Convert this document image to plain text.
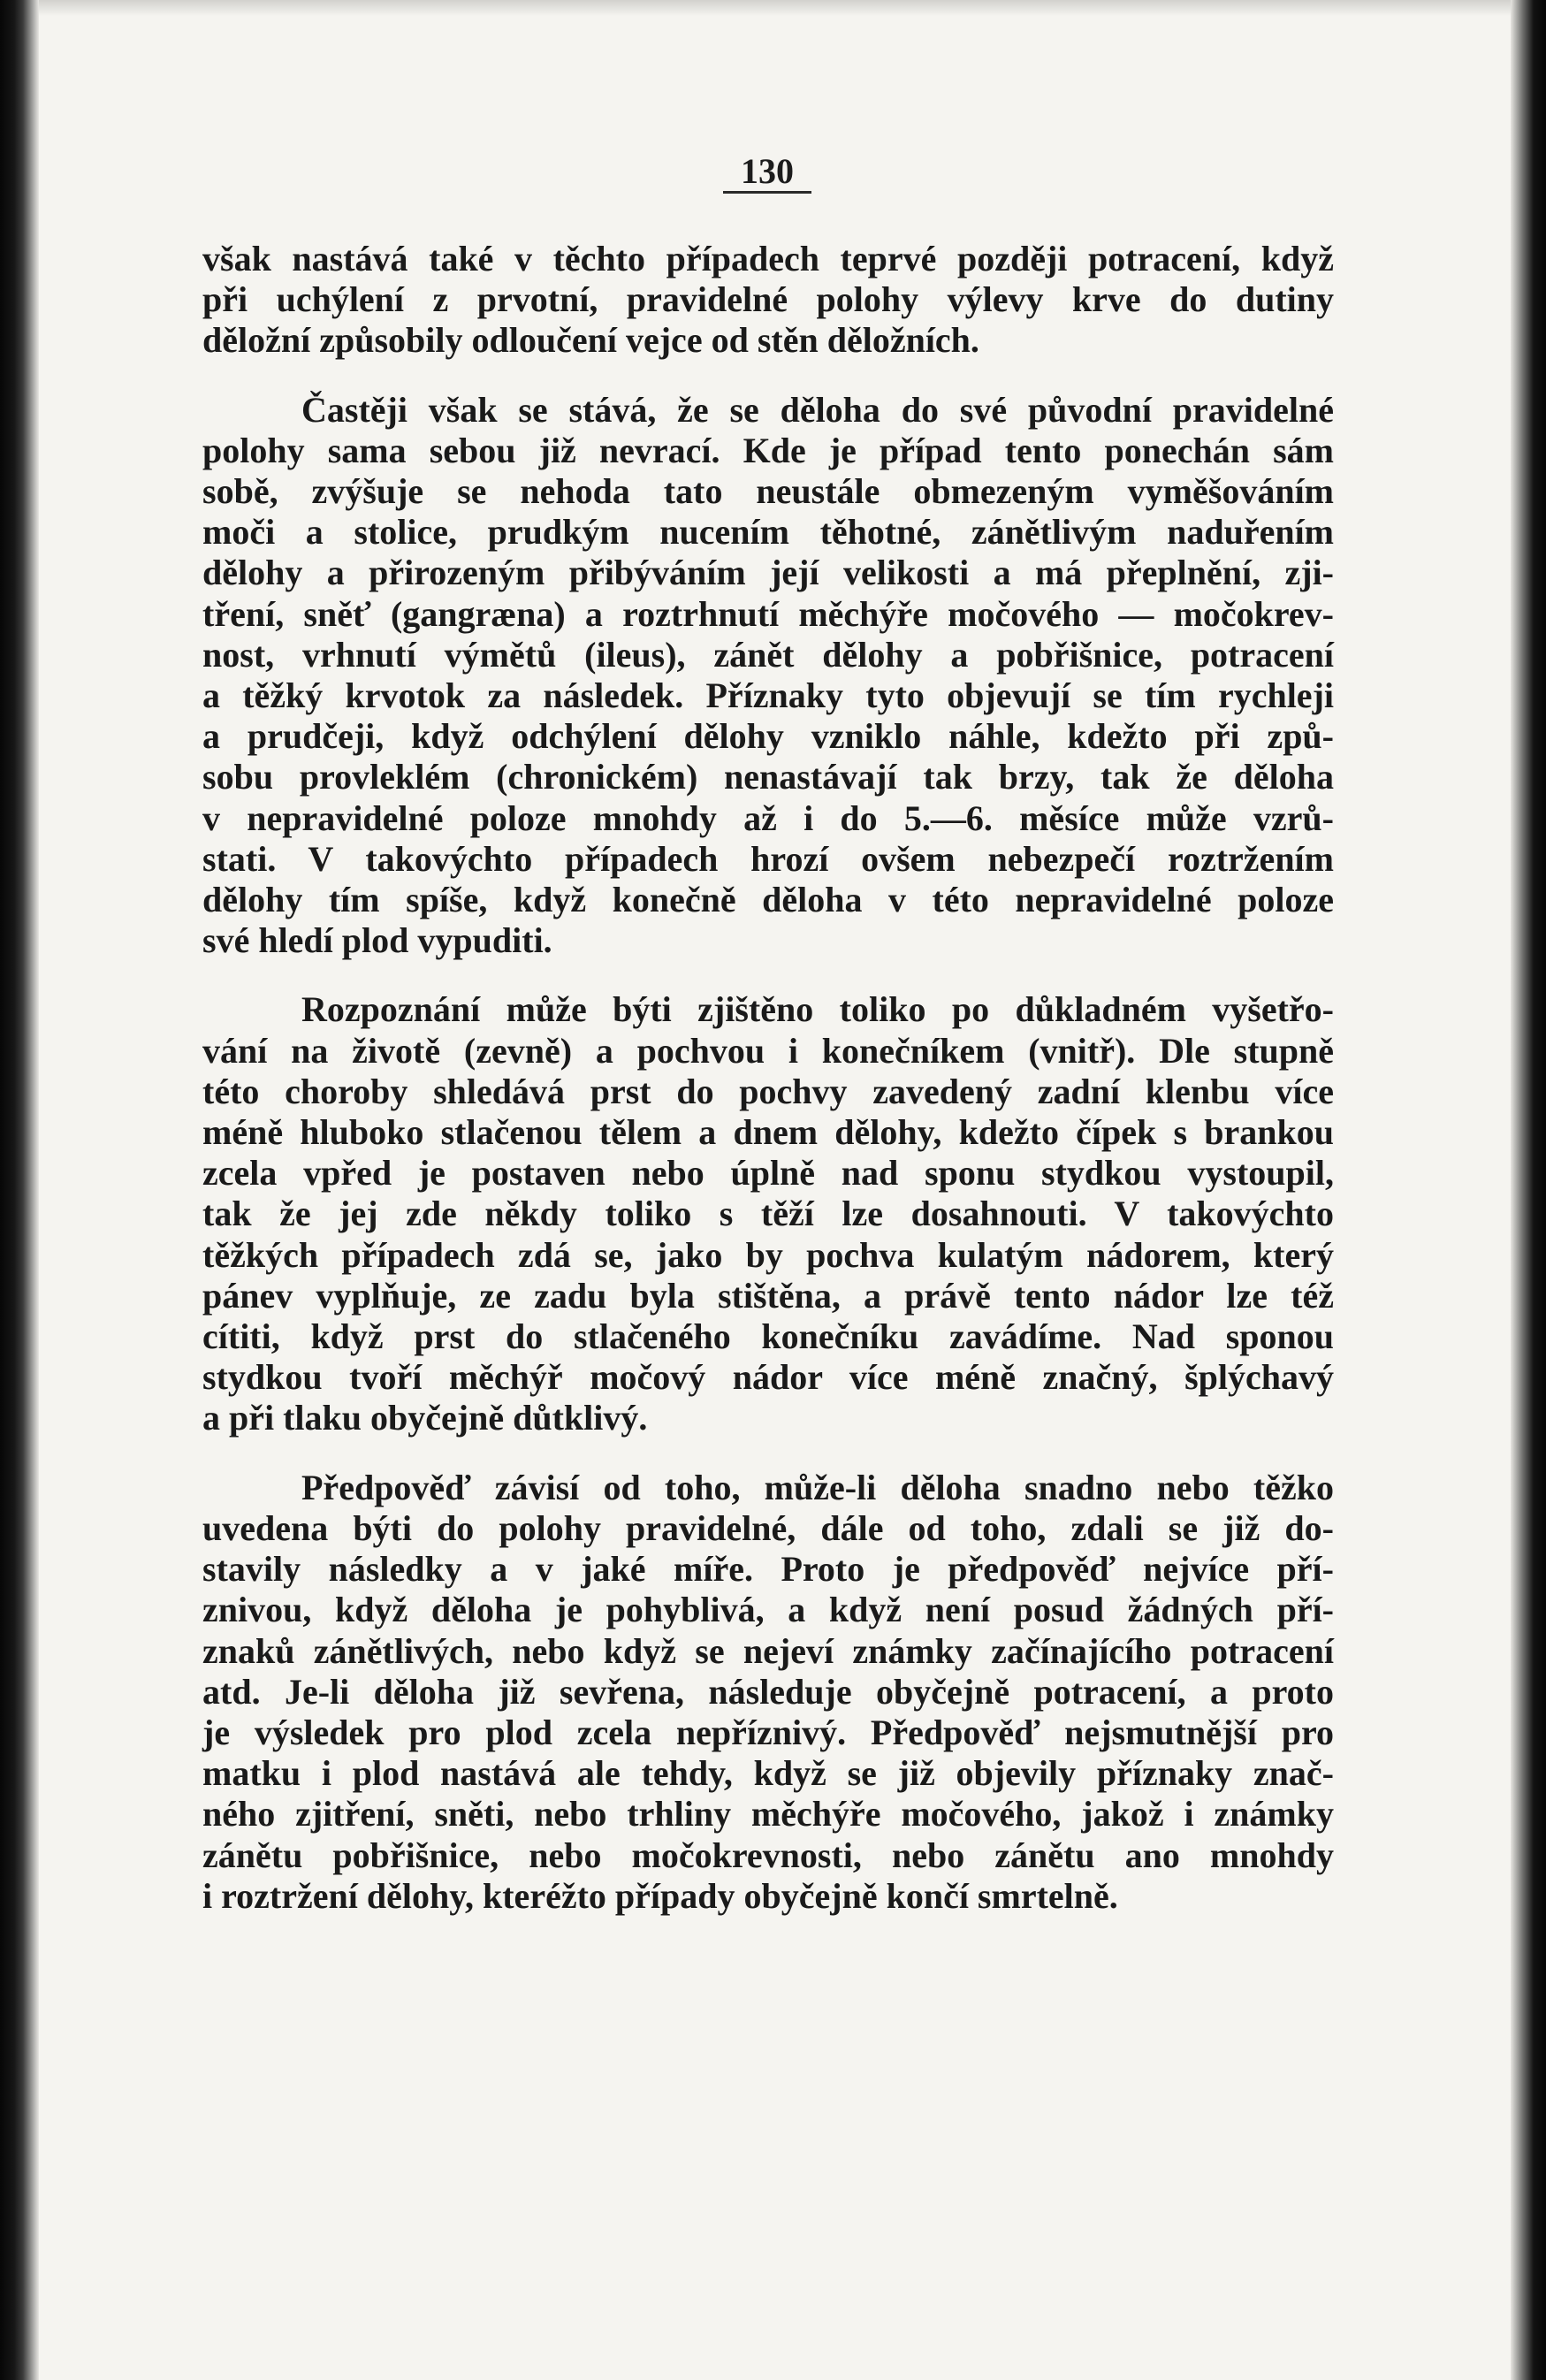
130
však nastává také v těchto případech teprvé později potracení, když
při uchýlení z prvotní, pravidelné polohy výlevy krve do dutiny
děložní způsobily odloučení vejce od stěn děložních.
Častěji však se stává, že se děloha do své původní pravidelné
polohy sama sebou již nevrací. Kde je případ tento ponechán sám
sobě, zvýšuje se nehoda tato neustále obmezeným vyměšováním
moči a stolice, prudkým nucením těhotné, zánětlivým naduřením
dělohy a přirozeným přibýváním její velikosti a má přeplnění, zji-
tření, sněť (gangræna) a roztrhnutí měchýře močového — močokrev-
nost, vrhnutí výmětů (ileus), zánět dělohy a pobřišnice, potracení
a těžký krvotok za následek. Příznaky tyto objevují se tím rychleji
a prudčeji, když odchýlení dělohy vzniklo náhle, kdežto při způ-
sobu provleklém (chronickém) nenastávají tak brzy, tak že děloha
v nepravidelné poloze mnohdy až i do 5.—6. měsíce může vzrů-
stati. V takovýchto případech hrozí ovšem nebezpečí roztržením
dělohy tím spíše, když konečně děloha v této nepravidelné poloze
své hledí plod vypuditi.
Rozpoznání může býti zjištěno toliko po důkladném vyšetřo-
vání na životě (zevně) a pochvou i konečníkem (vnitř). Dle stupně
této choroby shledává prst do pochvy zavedený zadní klenbu více
méně hluboko stlačenou tělem a dnem dělohy, kdežto čípek s brankou
zcela vpřed je postaven nebo úplně nad sponu stydkou vystoupil,
tak že jej zde někdy toliko s těží lze dosahnouti. V takovýchto
těžkých případech zdá se, jako by pochva kulatým nádorem, který
pánev vyplňuje, ze zadu byla stištěna, a právě tento nádor lze též
cítiti, když prst do stlačeného konečníku zavádíme. Nad sponou
stydkou tvoří měchýř močový nádor více méně značný, šplýchavý
a při tlaku obyčejně důtklivý.
Předpověď závisí od toho, může-li děloha snadno nebo těžko
uvedena býti do polohy pravidelné, dále od toho, zdali se již do-
stavily následky a v jaké míře. Proto je předpověď nejvíce pří-
znivou, když děloha je pohyblivá, a když není posud žádných pří-
znaků zánětlivých, nebo když se nejeví známky začínajícího potracení
atd. Je-li děloha již sevřena, následuje obyčejně potracení, a proto
je výsledek pro plod zcela nepříznivý. Předpověď nejsmutnější pro
matku i plod nastává ale tehdy, když se již objevily příznaky znač-
ného zjitření, sněti, nebo trhliny měchýře močového, jakož i známky
zánětu pobřišnice, nebo močokrevnosti, nebo zánětu ano mnohdy
i roztržení dělohy, kteréžto případy obyčejně končí smrtelně.
